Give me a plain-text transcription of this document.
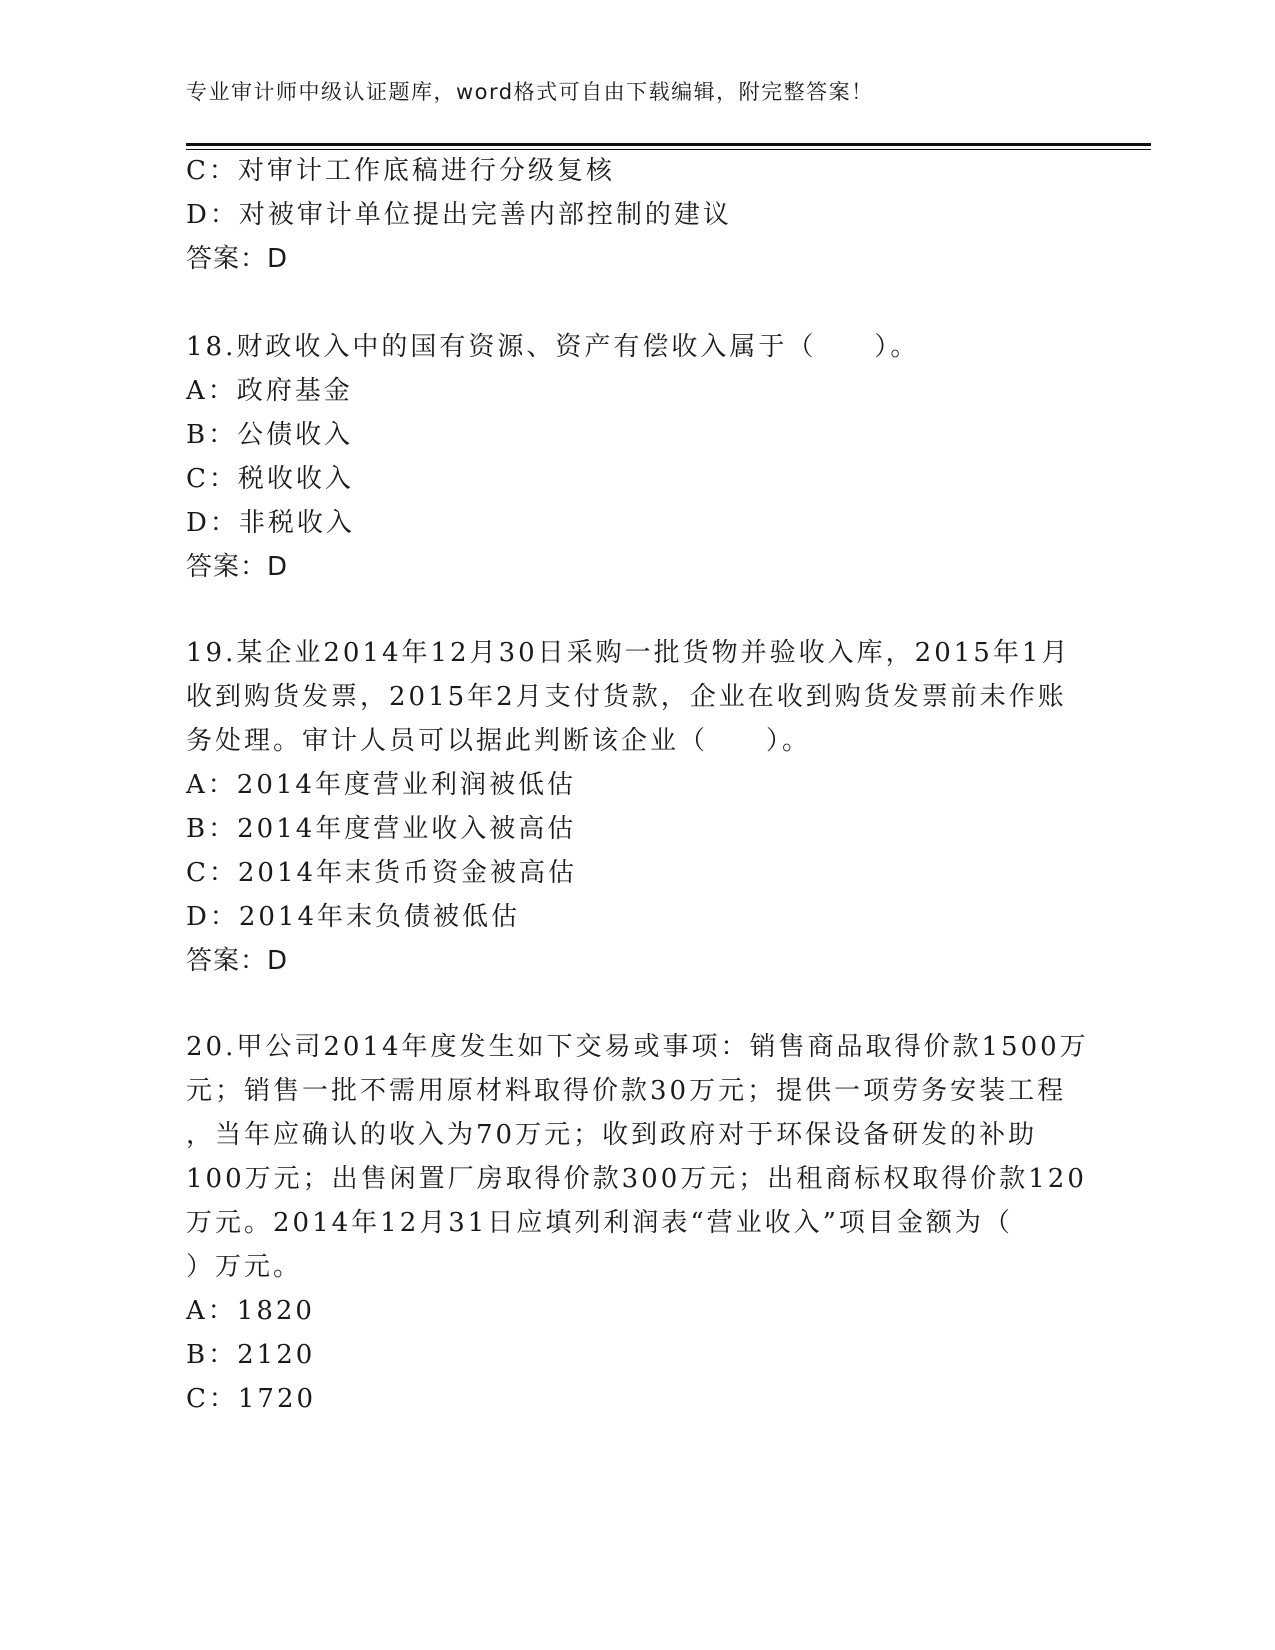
专业审计师中级认证题库，word格式可自由下载编辑，附完整答案！
C：对审计工作底稿进行分级复核
D：对被审计单位提出完善内部控制的建议
答案：D
18.财政收入中的国有资源、资产有偿收入属于（　　）。
A：政府基金
B：公债收入
C：税收收入
D：非税收入
答案：D
19.某企业2014年12月30日采购一批货物并验收入库，2015年1月
收到购货发票，2015年2月支付货款，企业在收到购货发票前未作账
务处理。审计人员可以据此判断该企业（　　）。
A：2014年度营业利润被低估
B：2014年度营业收入被高估
C：2014年末货币资金被高估
D：2014年末负债被低估
答案：D
20.甲公司2014年度发生如下交易或事项：销售商品取得价款1500万
元；销售一批不需用原材料取得价款30万元；提供一项劳务安装工程
，当年应确认的收入为70万元；收到政府对于环保设备研发的补助
100万元；出售闲置厂房取得价款300万元；出租商标权取得价款120
万元。2014年12月31日应填列利润表“营业收入”项目金额为（
）万元。
A：1820
B：2120
C：1720
